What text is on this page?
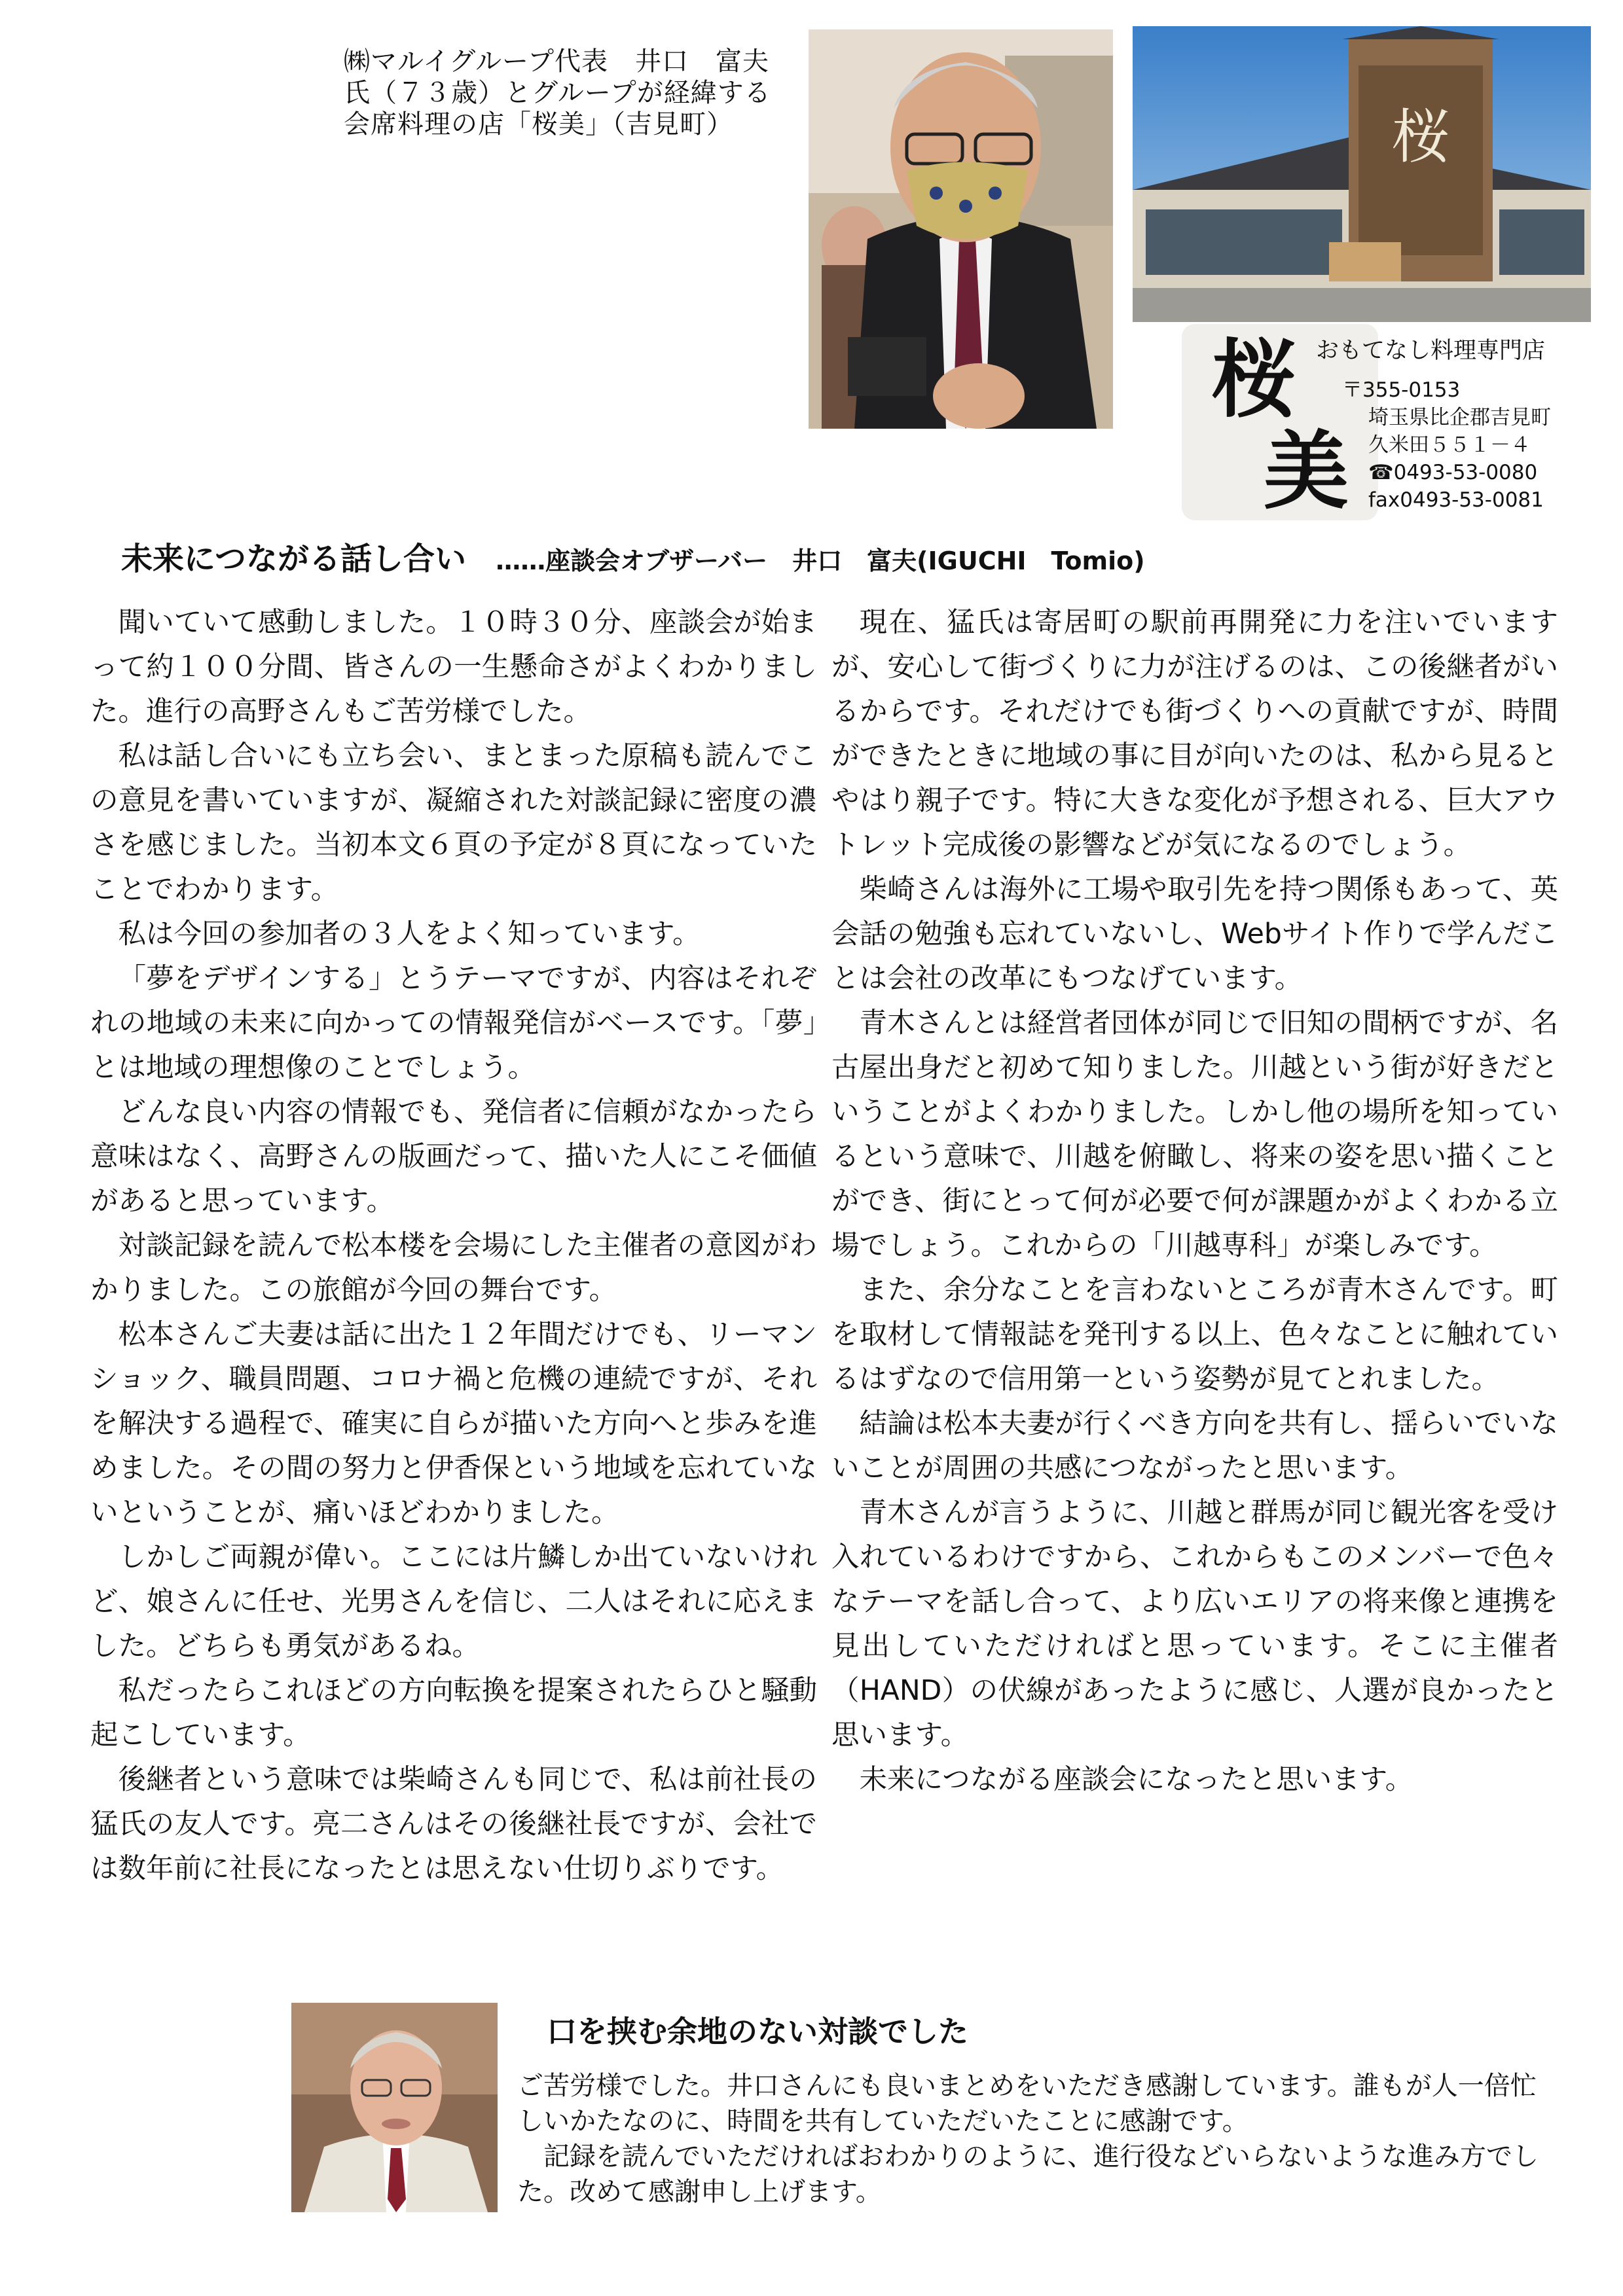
㈱マルイグループ代表　井口　富夫
氏（７３歳）とグループが経緯する
会席料理の店「桜美」（吉見町）	桜
桜
美
おもてなし料理専門店
〒355-0153
埼玉県比企郡吉見町
久米田５５１－４
☎0493-53-0080
fax0493-53-0081
未来につながる話し合い ‥‥‥座談会オブザーバー　井口　富夫(IGUCHI　Tomio)

聞いていて感動しました。１０時３０分、座談会が始まって約１００分間、皆さんの一生懸命さがよくわかりました。進行の高野さんもご苦労様でした。

私は話し合いにも立ち会い、まとまった原稿も読んでこの意見を書いていますが、凝縮された対談記録に密度の濃さを感じました。当初本文６頁の予定が８頁になっていたことでわかります。

私は今回の参加者の３人をよく知っています。

「夢をデザインする」とうテーマですが、内容はそれぞれの地域の未来に向かっての情報発信がベースです。「夢」とは地域の理想像のことでしょう。

どんな良い内容の情報でも、発信者に信頼がなかったら意味はなく、高野さんの版画だって、描いた人にこそ価値があると思っています。

対談記録を読んで松本楼を会場にした主催者の意図がわかりました。この旅館が今回の舞台です。

松本さんご夫妻は話に出た１２年間だけでも、リーマンショック、職員問題、コロナ禍と危機の連続ですが、それを解決する過程で、確実に自らが描いた方向へと歩みを進めました。その間の努力と伊香保という地域を忘れていないということが、痛いほどわかりました。

しかしご両親が偉い。ここには片鱗しか出ていないけれど、娘さんに任せ、光男さんを信じ、二人はそれに応えました。どちらも勇気があるね。

私だったらこれほどの方向転換を提案されたらひと騒動起こしています。

後継者という意味では柴崎さんも同じで、私は前社長の猛氏の友人です。亮二さんはその後継社長ですが、会社では数年前に社長になったとは思えない仕切りぶりです。

現在、猛氏は寄居町の駅前再開発に力を注いでいますが、安心して街づくりに力が注げるのは、この後継者がいるからです。それだけでも街づくりへの貢献ですが、時間ができたときに地域の事に目が向いたのは、私から見るとやはり親子です。特に大きな変化が予想される、巨大アウトレット完成後の影響などが気になるのでしょう。

柴崎さんは海外に工場や取引先を持つ関係もあって、英会話の勉強も忘れていないし、Webサイト作りで学んだことは会社の改革にもつなげています。

青木さんとは経営者団体が同じで旧知の間柄ですが、名古屋出身だと初めて知りました。川越という街が好きだということがよくわかりました。しかし他の場所を知っているという意味で、川越を俯瞰し、将来の姿を思い描くことができ、街にとって何が必要で何が課題かがよくわかる立場でしょう。これからの「川越専科」が楽しみです。

また、余分なことを言わないところが青木さんです。町を取材して情報誌を発刊する以上、色々なことに触れているはずなので信用第一という姿勢が見てとれました。

結論は松本夫妻が行くべき方向を共有し、揺らいでいないことが周囲の共感につながったと思います。

青木さんが言うように、川越と群馬が同じ観光客を受け入れているわけですから、これからもこのメンバーで色々なテーマを話し合って、より広いエリアの将来像と連携を見出していただければと思っています。そこに主催者（HAND）の伏線があったように感じ、人選が良かったと思います。

未来につながる座談会になったと思います。

口を挟む余地のない対談でした

ご苦労様でした。井口さんにも良いまとめをいただき感謝しています。誰もが人一倍忙しいかたなのに、時間を共有していただいたことに感謝です。

　記録を読んでいただければおわかりのように、進行役などいらないような進み方でした。改めて感謝申し上げます。
